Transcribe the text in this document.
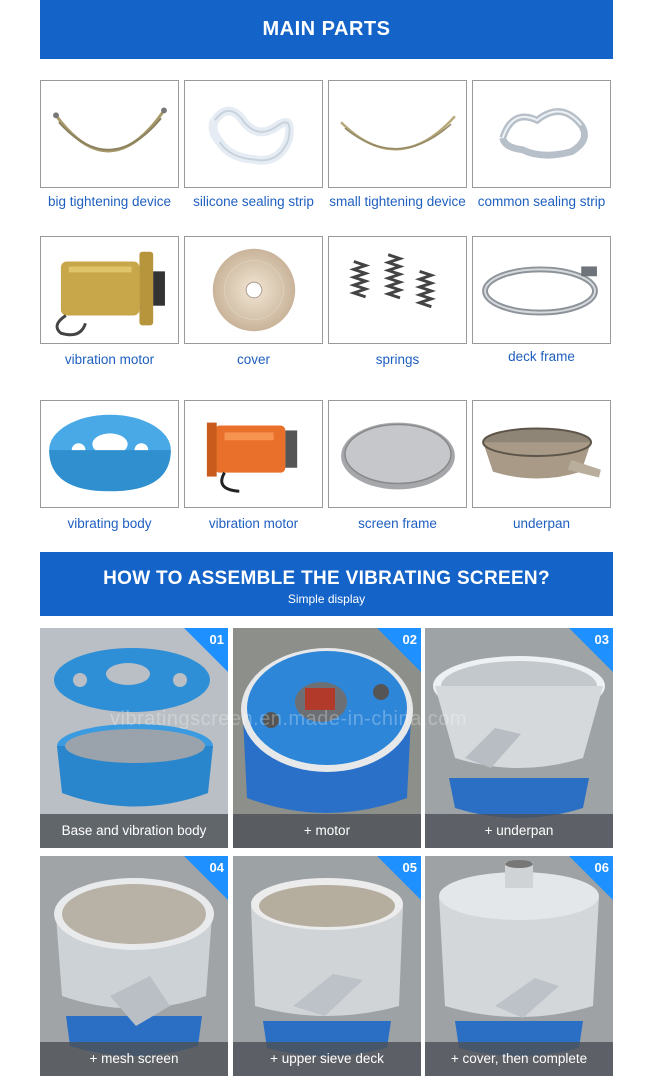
MAIN PARTS
big tightening device	silicone sealing strip	small tightening device common sealing strip
vibration motor	cover	springs	deck frame
vibrating body	vibration motor	screen frame	underpan
HOW TO ASSEMBLE THE VIBRATING SCREEN?
Simple display
01
Base and vibration body
02
+ motor
03
+ underpan
04
+ mesh screen
05
+ upper sieve deck
06
+ cover, then complete
vibratingscreen.en.made-in-china.com
